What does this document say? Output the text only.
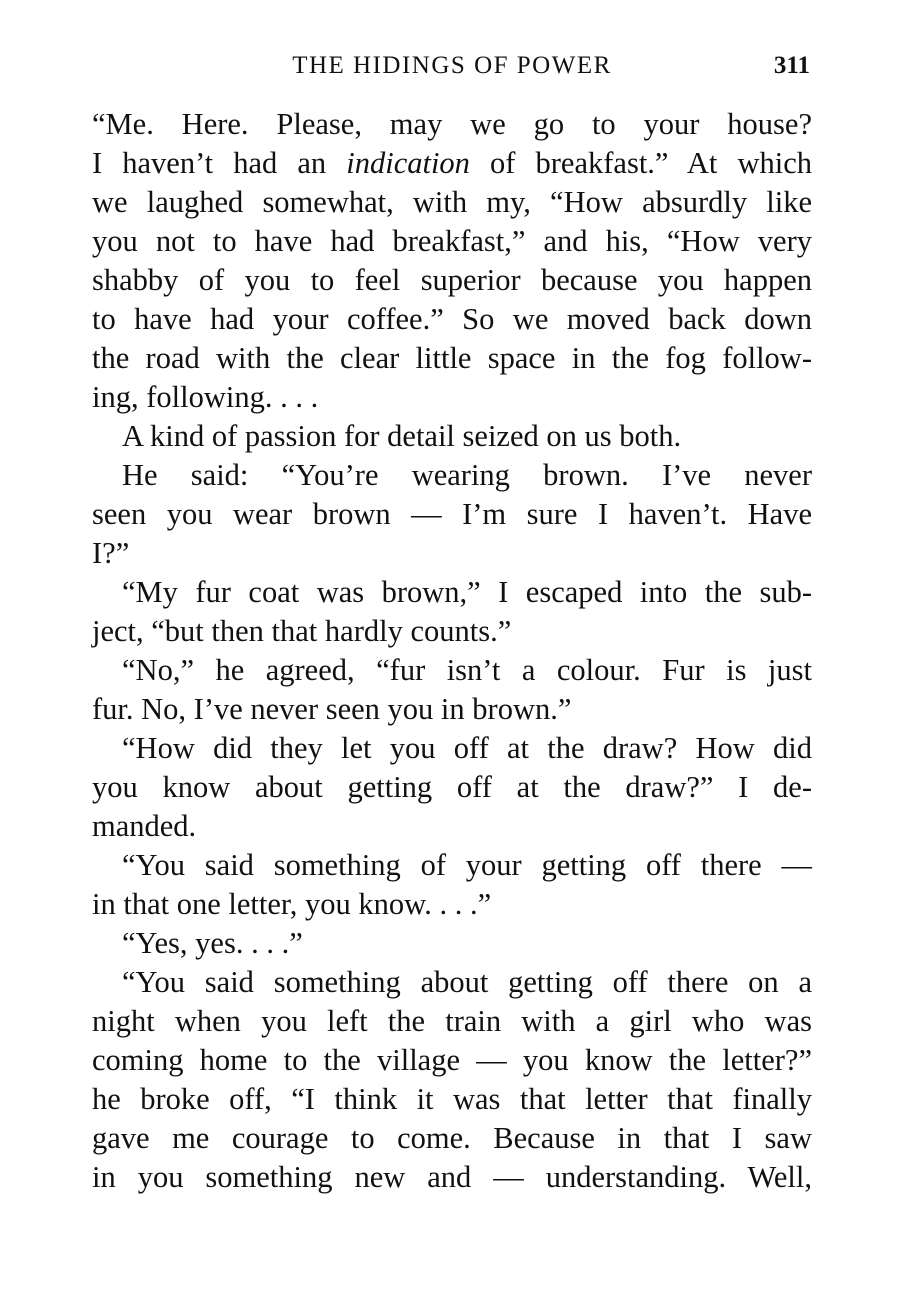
THE HIDINGS OF POWER	311
“Me. Here. Please, may we go to your house?
I haven’t had an indication of breakfast.” At which
we laughed somewhat, with my, “How absurdly like
you not to have had breakfast,” and his, “How very
shabby of you to feel superior because you happen
to have had your coffee.” So we moved back down
the road with the clear little space in the fog follow-
ing, following. . . .
A kind of passion for detail seized on us both.
He said: “You’re wearing brown. I’ve never
seen you wear brown — I’m sure I haven’t. Have
I?”
“My fur coat was brown,” I escaped into the sub-
ject, “but then that hardly counts.”
“No,” he agreed, “fur isn’t a colour. Fur is just
fur. No, I’ve never seen you in brown.”
“How did they let you off at the draw? How did
you know about getting off at the draw?” I de-
manded.
“You said something of your getting off there —
in that one letter, you know. . . .”
“Yes, yes. . . .”
“You said something about getting off there on a
night when you left the train with a girl who was
coming home to the village — you know the letter?”
he broke off, “I think it was that letter that finally
gave me courage to come. Because in that I saw
in you something new and — understanding. Well,
